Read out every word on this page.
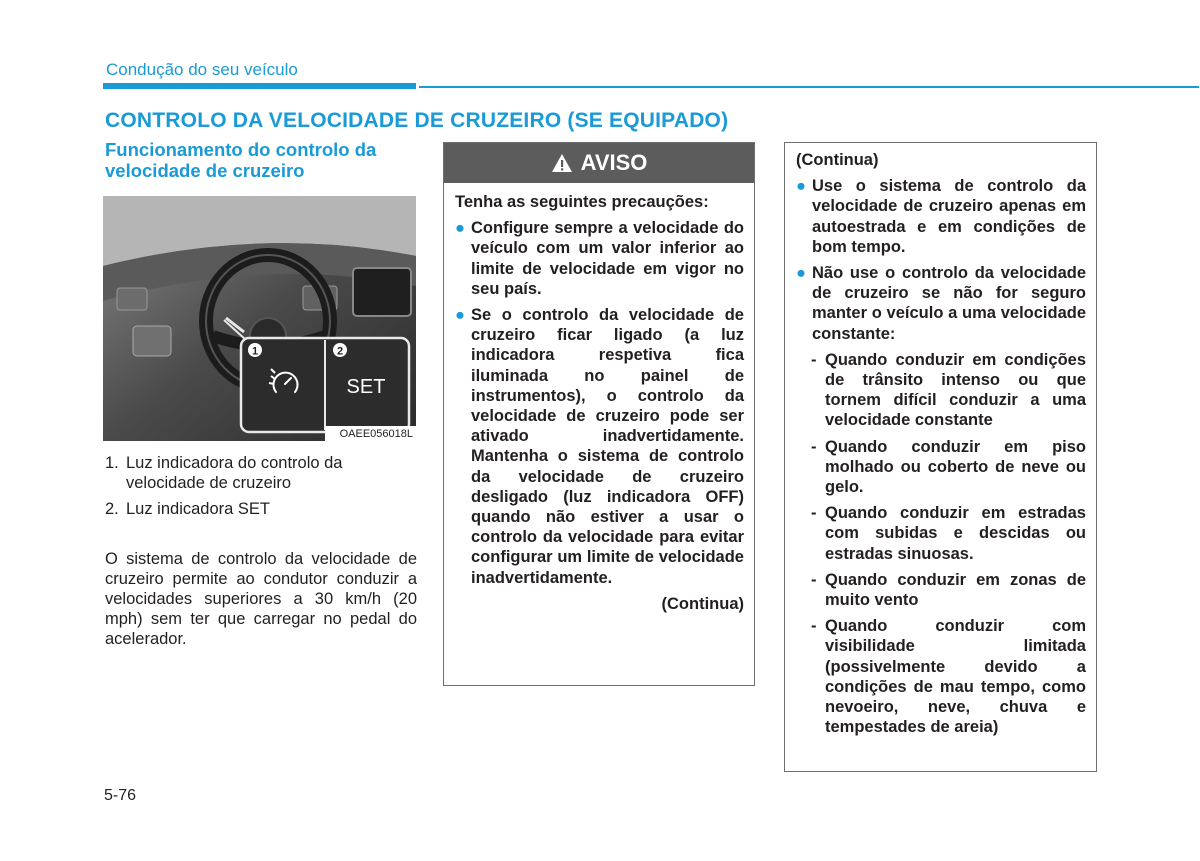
Condução do seu veículo
CONTROLO DA VELOCIDADE DE CRUZEIRO (SE EQUIPADO)
Funcionamento do controlo da velocidade de cruzeiro
1	2
SET
OAEE056018L
1. Luz indicadora do controlo da velocidade de cruzeiro
2. Luz indicadora SET

O sistema de controlo da velocidade de cruzeiro permite ao condutor conduzir a velocidades superiores a 30 km/h (20 mph) sem ter que carregar no pedal do acelerador.

AVISO

Tenha as seguintes precauções:

● Configure sempre a velocidade do veículo com um valor inferior ao limite de velocidade em vigor no seu país.
● Se o controlo da velocidade de cruzeiro ficar ligado (a luz indicadora respetiva fica iluminada no painel de instrumentos), o controlo da velocidade de cruzeiro pode ser ativado inadvertidamente. Mantenha o sistema de controlo da velocidade de cruzeiro desligado (luz indicadora OFF) quando não estiver a usar o controlo da velocidade para evitar configurar um limite de velocidade inadvertidamente.

(Continua)

(Continua)

● Use o sistema de controlo da velocidade de cruzeiro apenas em autoestrada e em condições de bom tempo.
● Não use o controlo da velocidade de cruzeiro se não for seguro manter o veículo a uma velocidade constante:
- Quando conduzir em condições de trânsito intenso ou que tornem difícil conduzir a uma velocidade constante
- Quando conduzir em piso molhado ou coberto de neve ou gelo.
- Quando conduzir em estradas com subidas e descidas ou estradas sinuosas.
- Quando conduzir em zonas de muito vento
- Quando conduzir com visibilidade limitada (possivelmente devido a condições de mau tempo, como nevoeiro, neve, chuva e tempestades de areia)
5-76
